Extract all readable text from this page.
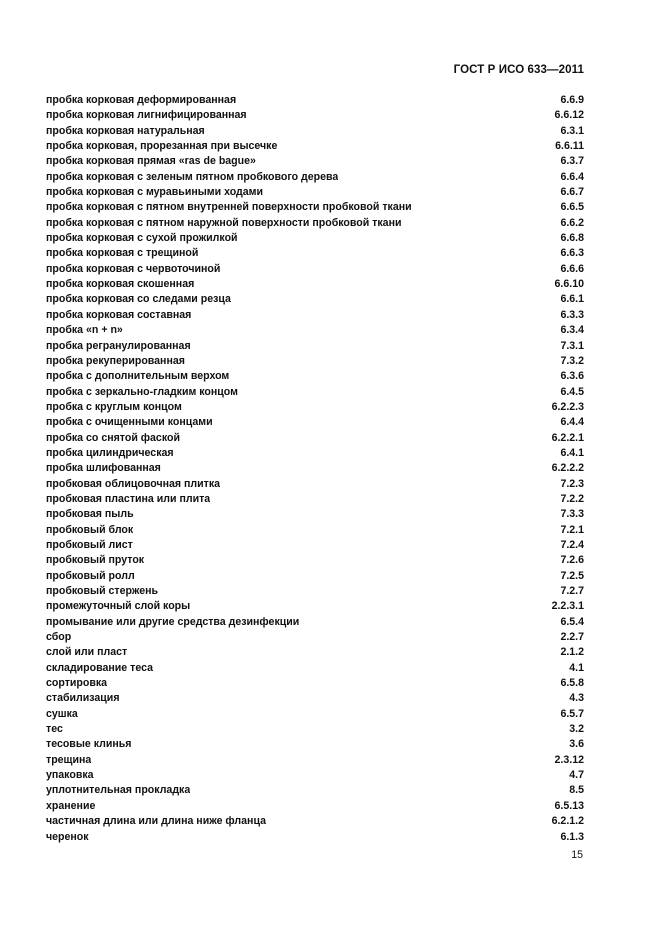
ГОСТ Р ИСО 633—2011
пробка корковая деформированная	6.6.9
пробка корковая лигнифицированная	6.6.12
пробка корковая натуральная	6.3.1
пробка корковая, прорезанная при высечке	6.6.11
пробка корковая прямая «ras de bague»	6.3.7
пробка корковая с зеленым пятном пробкового дерева	6.6.4
пробка корковая с муравьиными ходами	6.6.7
пробка корковая с пятном внутренней поверхности пробковой ткани	6.6.5
пробка корковая с пятном наружной поверхности пробковой ткани	6.6.2
пробка корковая с сухой прожилкой	6.6.8
пробка корковая с трещиной	6.6.3
пробка корковая с червоточиной	6.6.6
пробка корковая скошенная	6.6.10
пробка корковая со следами резца	6.6.1
пробка корковая составная	6.3.3
пробка «n + n»	6.3.4
пробка регранулированная	7.3.1
пробка рекуперированная	7.3.2
пробка с дополнительным верхом	6.3.6
пробка с зеркально-гладким концом	6.4.5
пробка с круглым концом	6.2.2.3
пробка с очищенными концами	6.4.4
пробка со снятой фаской	6.2.2.1
пробка цилиндрическая	6.4.1
пробка шлифованная	6.2.2.2
пробковая облицовочная плитка	7.2.3
пробковая пластина или плита	7.2.2
пробковая пыль	7.3.3
пробковый блок	7.2.1
пробковый лист	7.2.4
пробковый пруток	7.2.6
пробковый ролл	7.2.5
пробковый стержень	7.2.7
промежуточный слой коры	2.2.3.1
промывание или другие средства дезинфекции	6.5.4
сбор	2.2.7
слой или пласт	2.1.2
складирование теса	4.1
сортировка	6.5.8
стабилизация	4.3
сушка	6.5.7
тес	3.2
тесовые клинья	3.6
трещина	2.3.12
упаковка	4.7
уплотнительная прокладка	8.5
хранение	6.5.13
частичная длина или длина ниже фланца	6.2.1.2
черенок	6.1.3
15
